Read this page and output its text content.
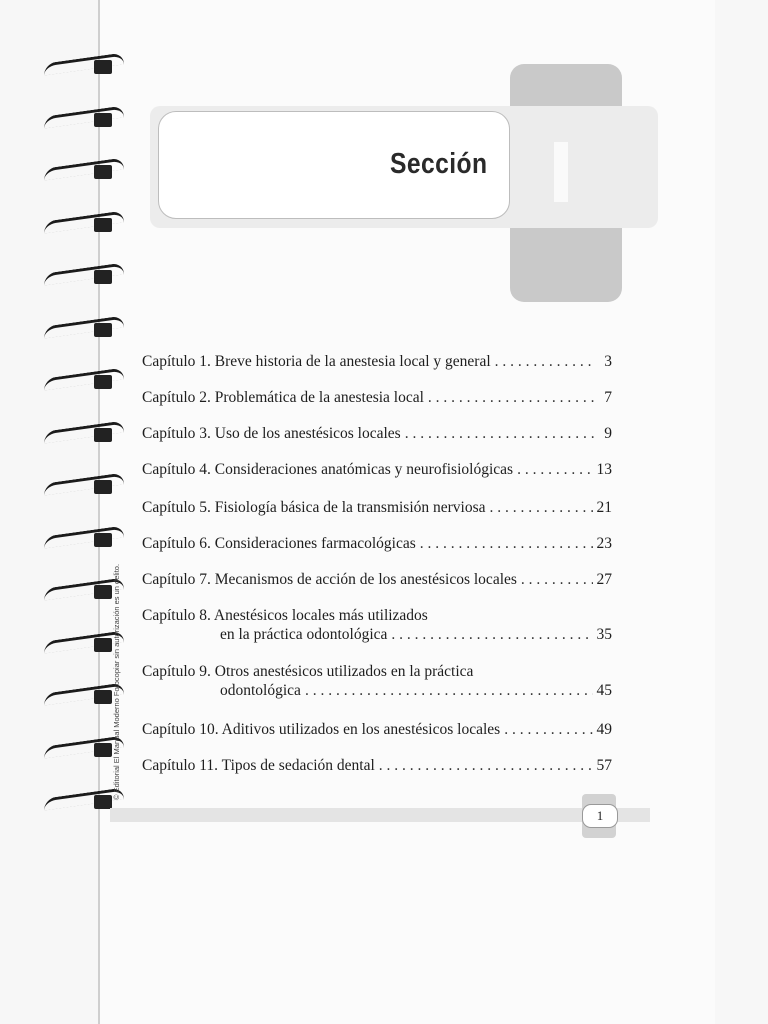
Sección
Capítulo 1. Breve historia de la anestesia local y general . . .	3
Capítulo 2. Problemática de la anestesia local . . .	7
Capítulo 3. Uso de los anestésicos locales . . .	9
Capítulo 4. Consideraciones anatómicas y neurofisiológicas . . .	13
Capítulo 5. Fisiología básica de la transmisión nerviosa . . .	21
Capítulo 6. Consideraciones farmacológicas . . .	23
Capítulo 7. Mecanismos de acción de los anestésicos locales . . .	27
Capítulo 8. Anestésicos locales más utilizados
en la práctica odontológica . . .	35
Capítulo 9. Otros anestésicos utilizados en la práctica
odontológica . . .	45
Capítulo 10. Aditivos utilizados en los anestésicos locales . . .	49
Capítulo 11. Tipos de sedación dental . . .	57
© Editorial El Manual Moderno Fotocopiar sin autorización es un delito.
1
